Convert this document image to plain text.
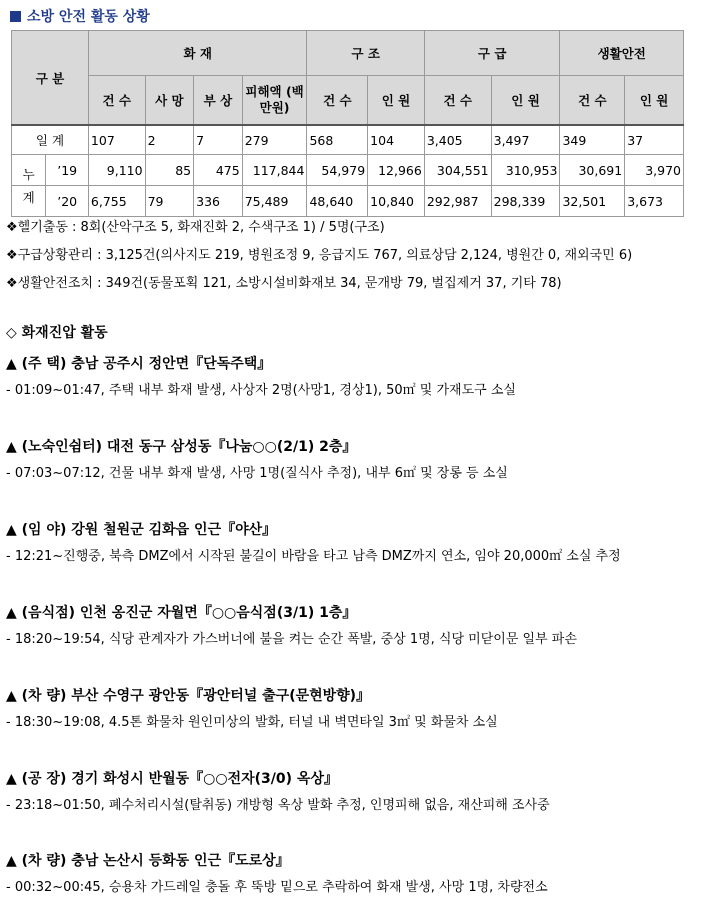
소방 안전 활동 상황
구 분		화 재				구 조		구 급		생활안전	
		건 수	사 망	부 상	피해액 (백만원)	건 수	인 원	건 수	인 원	건 수	인 원
일 계		107	2	7	279	568	104	3,405	3,497	349	37
누	’19	9,110	85	475	117,844	54,979	12,966	304,551	310,953	30,691	3,970
계	’20	6,755	79	336	75,489	48,640	10,840	292,987	298,339	32,501	3,673
❖헬기출동 : 8회(산악구조 5, 화재진화 2, 수색구조 1) / 5명(구조)
❖구급상황관리 : 3,125건(의사지도 219, 병원조정 9, 응급지도 767, 의료상담 2,124, 병원간 0, 재외국민 6)
❖생활안전조치 : 349건(동물포획 121, 소방시설비화재보 34, 문개방 79, 벌집제거 37, 기타 78)
◇ 화재진압 활동
▲ (주 택) 충남 공주시 정안면『단독주택』
- 01:09~01:47, 주택 내부 화재 발생, 사상자 2명(사망1, 경상1), 50㎡ 및 가재도구 소실
▲ (노숙인쉼터) 대전 동구 삼성동『나눔○○(2/1) 2층』
- 07:03~07:12, 건물 내부 화재 발생, 사망 1명(질식사 추정), 내부 6㎡ 및 장롱 등 소실
▲ (임 야) 강원 철원군 김화읍 인근『야산』
- 12:21~진행중, 북측 DMZ에서 시작된 불길이 바람을 타고 남측 DMZ까지 연소, 임야 20,000㎡ 소실 추정
▲ (음식점) 인천 옹진군 자월면『○○음식점(3/1) 1층』
- 18:20~19:54, 식당 관계자가 가스버너에 불을 켜는 순간 폭발, 중상 1명, 식당 미닫이문 일부 파손
▲ (차 량) 부산 수영구 광안동『광안터널 출구(문현방향)』
- 18:30~19:08, 4.5톤 화물차 원인미상의 발화, 터널 내 벽면타일 3㎡ 및 화물차 소실
▲ (공 장) 경기 화성시 반월동『○○전자(3/0) 옥상』
- 23:18~01:50, 폐수처리시설(탈취동) 개방형 옥상 발화 추정, 인명피해 없음, 재산피해 조사중
▲ (차 량) 충남 논산시 등화동 인근『도로상』
- 00:32~00:45, 승용차 가드레일 충돌 후 뚝방 밑으로 추락하여 화재 발생, 사망 1명, 차량전소
